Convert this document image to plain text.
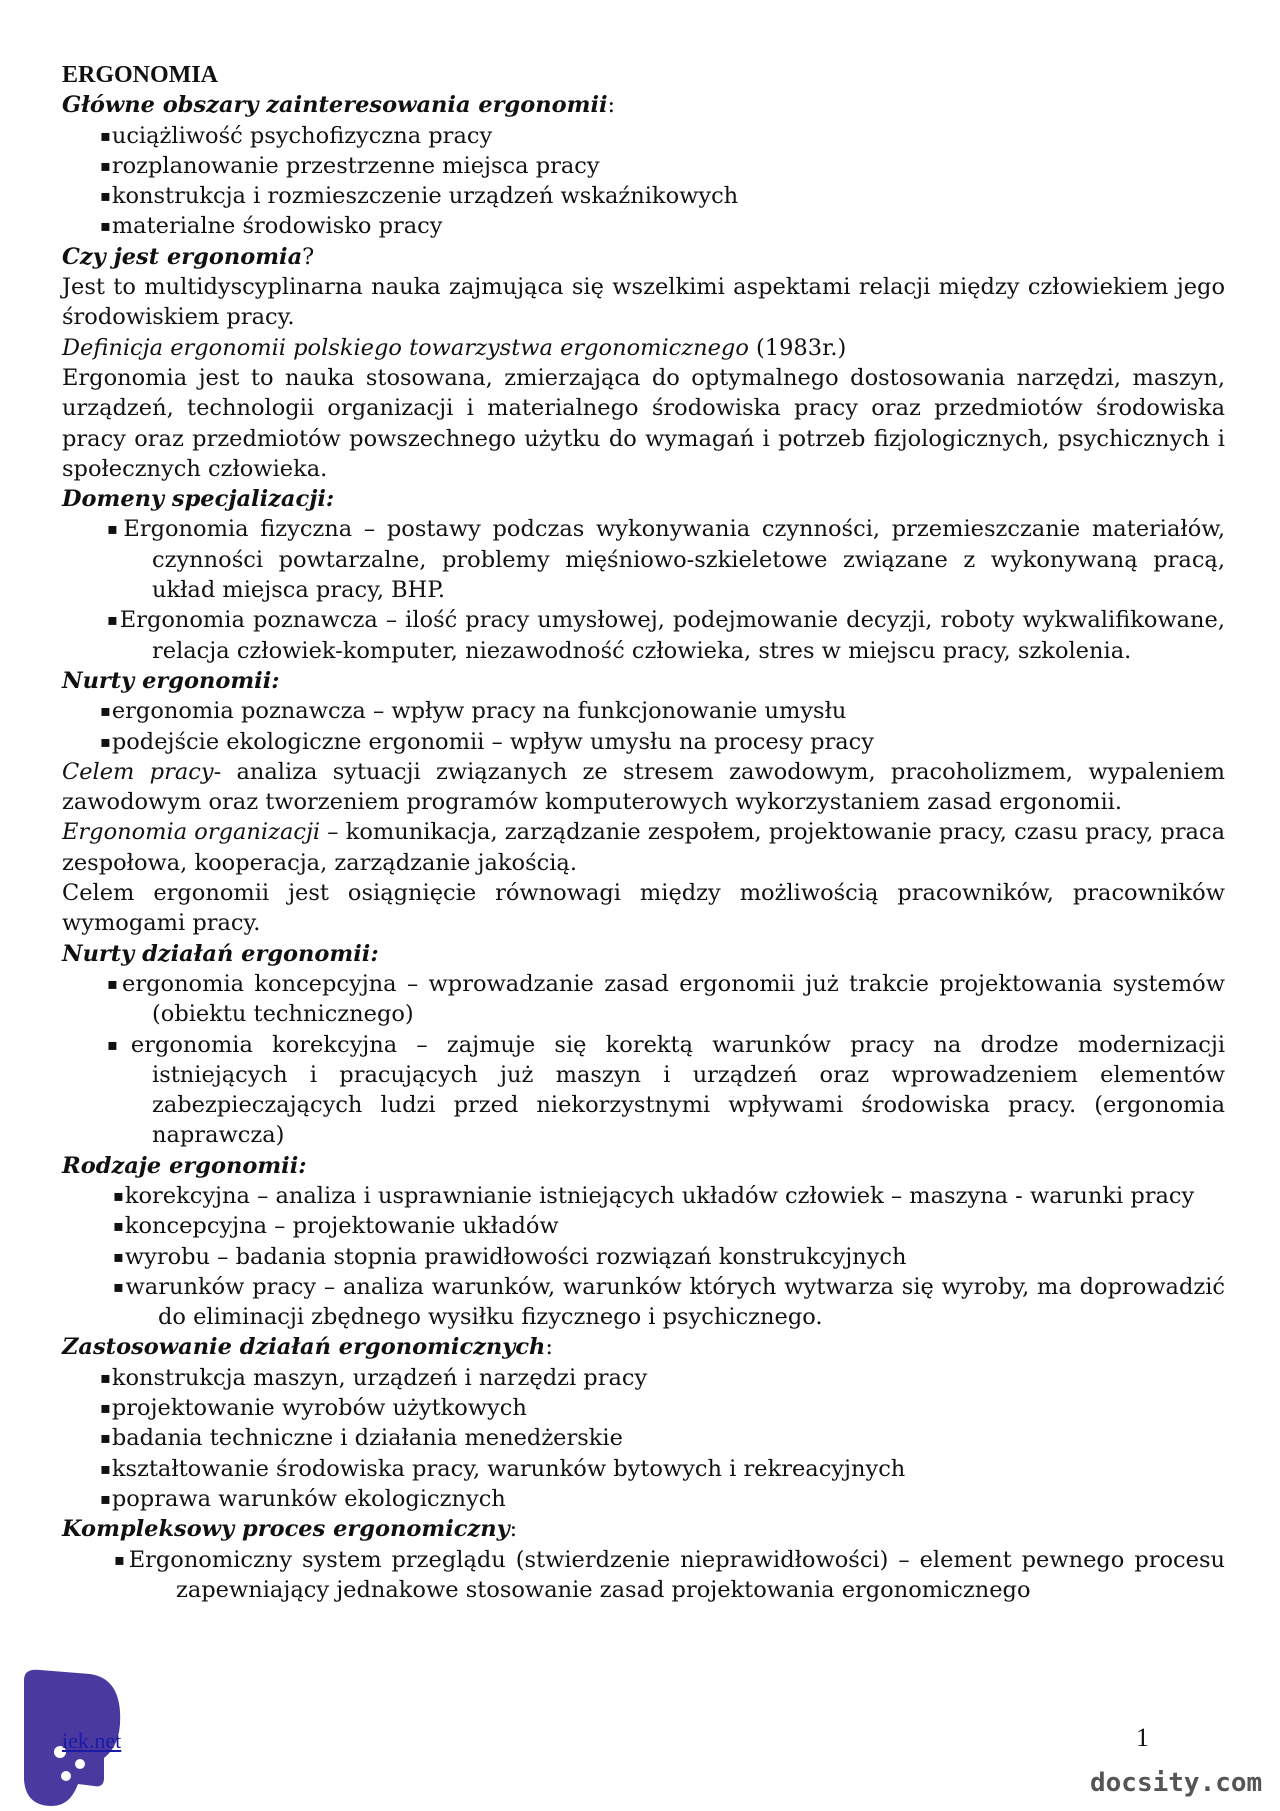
ERGONOMIA
Główne obszary zainteresowania ergonomii:
▪uciążliwość psychofizyczna pracy
▪rozplanowanie przestrzenne miejsca pracy
▪konstrukcja i rozmieszczenie urządzeń wskaźnikowych
▪materialne środowisko pracy
Czy jest ergonomia?
Jest to multidyscyplinarna nauka zajmująca się wszelkimi aspektami relacji między człowiekiem jego środowiskiem pracy.
Definicja ergonomii polskiego towarzystwa ergonomicznego (1983r.)
Ergonomia jest to nauka stosowana, zmierzająca do optymalnego dostosowania narzędzi, maszyn, urządzeń, technologii organizacji i materialnego środowiska pracy oraz przedmiotów środowiska pracy oraz przedmiotów powszechnego użytku do wymagań i potrzeb fizjologicznych, psychicznych i społecznych człowieka.
Domeny specjalizacji:
▪Ergonomia fizyczna – postawy podczas wykonywania czynności, przemieszczanie materiałów, czynności powtarzalne, problemy mięśniowo-szkieletowe związane z wykonywaną pracą, układ miejsca pracy, BHP.
▪Ergonomia poznawcza – ilość pracy umysłowej, podejmowanie decyzji, roboty wykwalifikowane, relacja człowiek-komputer, niezawodność człowieka, stres w miejscu pracy, szkolenia.
Nurty ergonomii:
▪ergonomia poznawcza – wpływ pracy na funkcjonowanie umysłu
▪podejście ekologiczne ergonomii – wpływ umysłu na procesy pracy
Celem pracy- analiza sytuacji związanych ze stresem zawodowym, pracoholizmem, wypaleniem zawodowym oraz tworzeniem programów komputerowych wykorzystaniem zasad ergonomii.
Ergonomia organizacji – komunikacja, zarządzanie zespołem, projektowanie pracy, czasu pracy, praca zespołowa, kooperacja, zarządzanie jakością.
Celem ergonomii jest osiągnięcie równowagi między możliwością pracowników, pracowników wymogami pracy.
Nurty działań ergonomii:
▪ergonomia koncepcyjna – wprowadzanie zasad ergonomii już trakcie projektowania systemów (obiektu technicznego)
▪ergonomia korekcyjna – zajmuje się korektą warunków pracy na drodze modernizacji istniejących i pracujących już maszyn i urządzeń oraz wprowadzeniem elementów zabezpieczających ludzi przed niekorzystnymi wpływami środowiska pracy. (ergonomia naprawcza)
Rodzaje ergonomii:
▪korekcyjna – analiza i usprawnianie istniejących układów człowiek – maszyna - warunki pracy
▪koncepcyjna – projektowanie układów
▪wyrobu – badania stopnia prawidłowości rozwiązań konstrukcyjnych
▪warunków pracy – analiza warunków, warunków których wytwarza się wyroby, ma doprowadzić do eliminacji zbędnego wysiłku fizycznego i psychicznego.
Zastosowanie działań ergonomicznych:
▪konstrukcja maszyn, urządzeń i narzędzi pracy
▪projektowanie wyrobów użytkowych
▪badania techniczne i działania menedżerskie
▪kształtowanie środowiska pracy, warunków bytowych i rekreacyjnych
▪poprawa warunków ekologicznych
Kompleksowy proces ergonomiczny:
▪Ergonomiczny system przeglądu (stwierdzenie nieprawidłowości) – element pewnego procesu zapewniający jednakowe stosowanie zasad projektowania ergonomicznego
iek.net	1
docsity.com
